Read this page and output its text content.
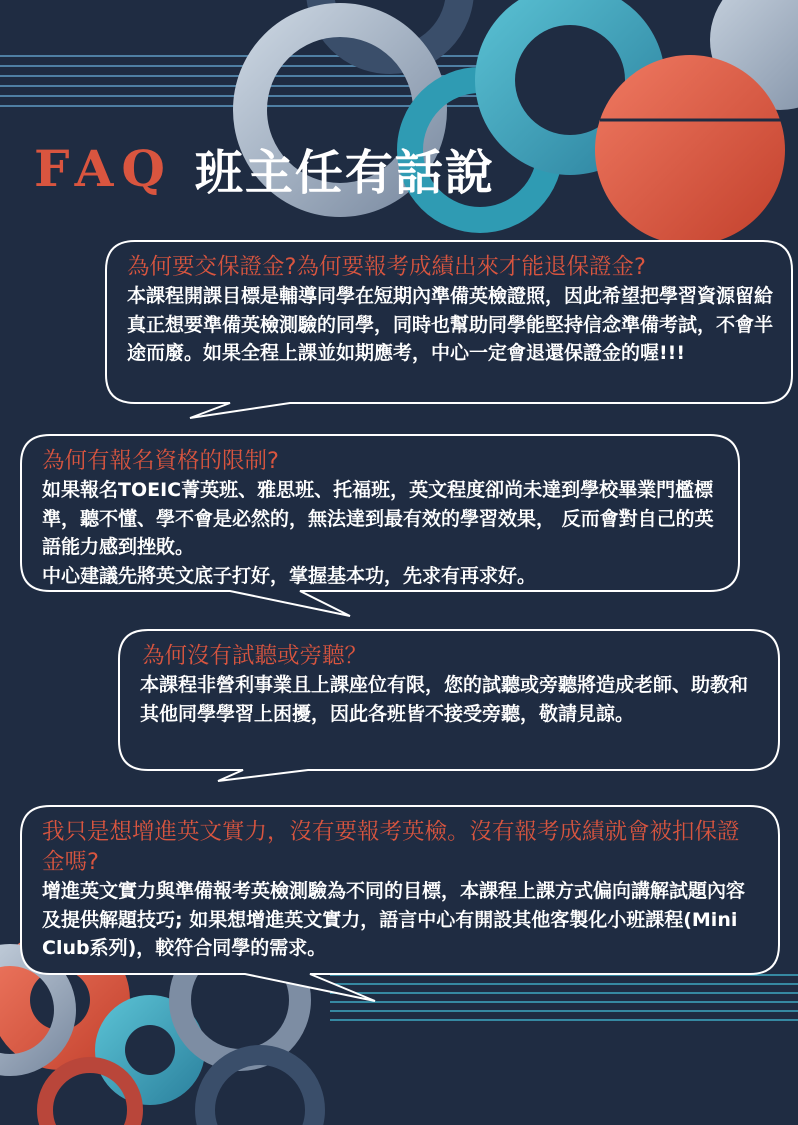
FAQ 班主任有話說

為何要交保證金?為何要報考成績出來才能退保證金?

本課程開課目標是輔導同學在短期內準備英檢證照，因此希望把學習資源留給真正想要準備英檢測驗的同學，同時也幫助同學能堅持信念準備考試，不會半途而廢。如果全程上課並如期應考，中心一定會退還保證金的喔!!!

為何有報名資格的限制?

如果報名TOEIC菁英班、雅思班、托福班，英文程度卻尚未達到學校畢業門檻標準，聽不懂、學不會是必然的，無法達到最有效的學習效果， 反而會對自己的英語能力感到挫敗。

中心建議先將英文底子打好，掌握基本功，先求有再求好。

為何沒有試聽或旁聽？

本課程非營利事業且上課座位有限，您的試聽或旁聽將造成老師、助教和其他同學學習上困擾，因此各班皆不接受旁聽，敬請見諒。

我只是想增進英文實力，沒有要報考英檢。沒有報考成績就會被扣保證金嗎?

增進英文實力與準備報考英檢測驗為不同的目標，本課程上課方式偏向講解試題內容及提供解題技巧; 如果想增進英文實力，語言中心有開設其他客製化小班課程(Mini Club系列)，較符合同學的需求。
